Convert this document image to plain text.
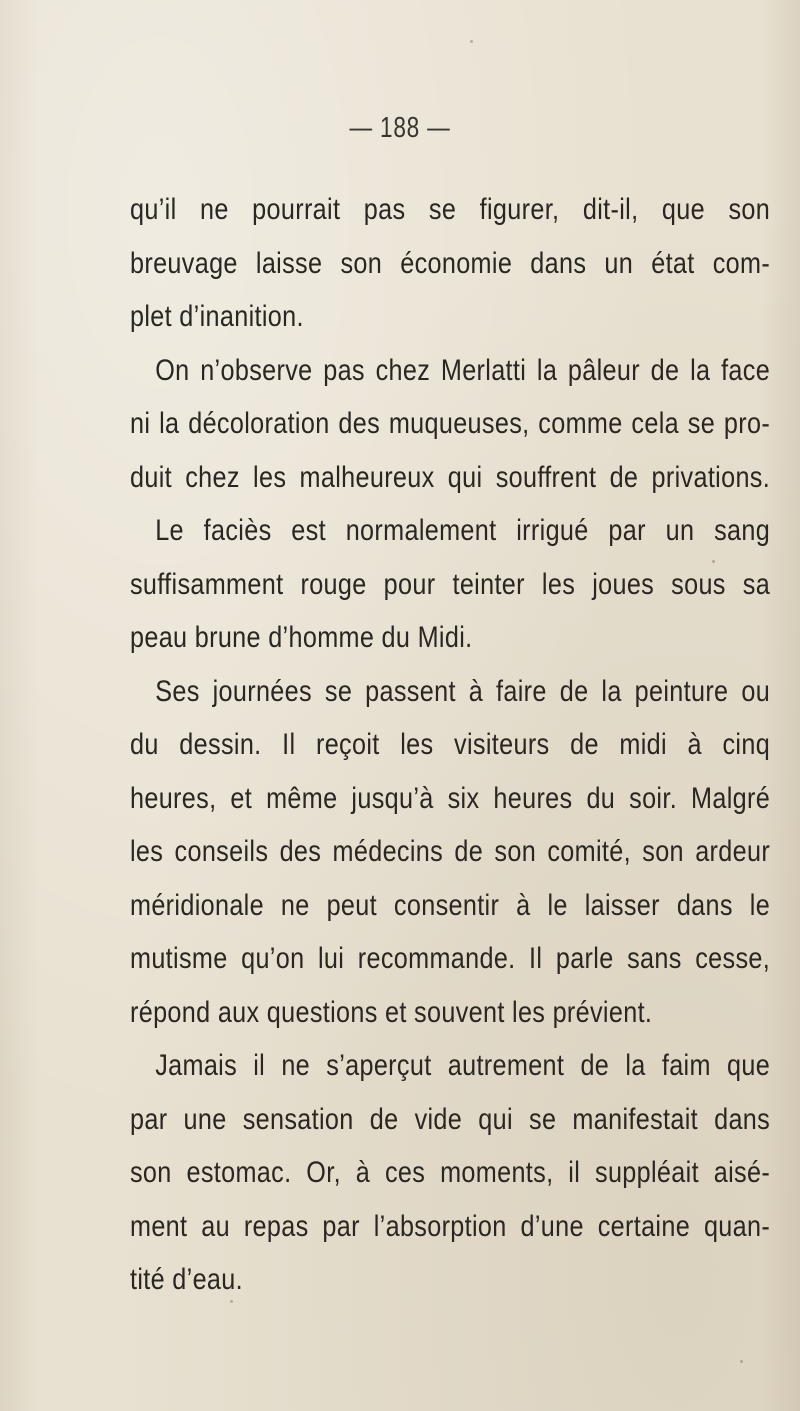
— 188 —
qu’il ne pourrait pas se figurer, dit-il, que son
breuvage laisse son économie dans un état com-
plet d’inanition.
On n’observe pas chez Merlatti la pâleur de la face
ni la décoloration des muqueuses, comme cela se pro-
duit chez les malheureux qui souffrent de privations.
Le faciès est normalement irrigué par un sang
suffisamment rouge pour teinter les joues sous sa
peau brune d’homme du Midi.
Ses journées se passent à faire de la peinture ou
du dessin. Il reçoit les visiteurs de midi à cinq
heures, et même jusqu’à six heures du soir. Malgré
les conseils des médecins de son comité, son ardeur
méridionale ne peut consentir à le laisser dans le
mutisme qu’on lui recommande. Il parle sans cesse,
répond aux questions et souvent les prévient.
Jamais il ne s’aperçut autrement de la faim que
par une sensation de vide qui se manifestait dans
son estomac. Or, à ces moments, il suppléait aisé-
ment au repas par l’absorption d’une certaine quan-
tité d’eau.
